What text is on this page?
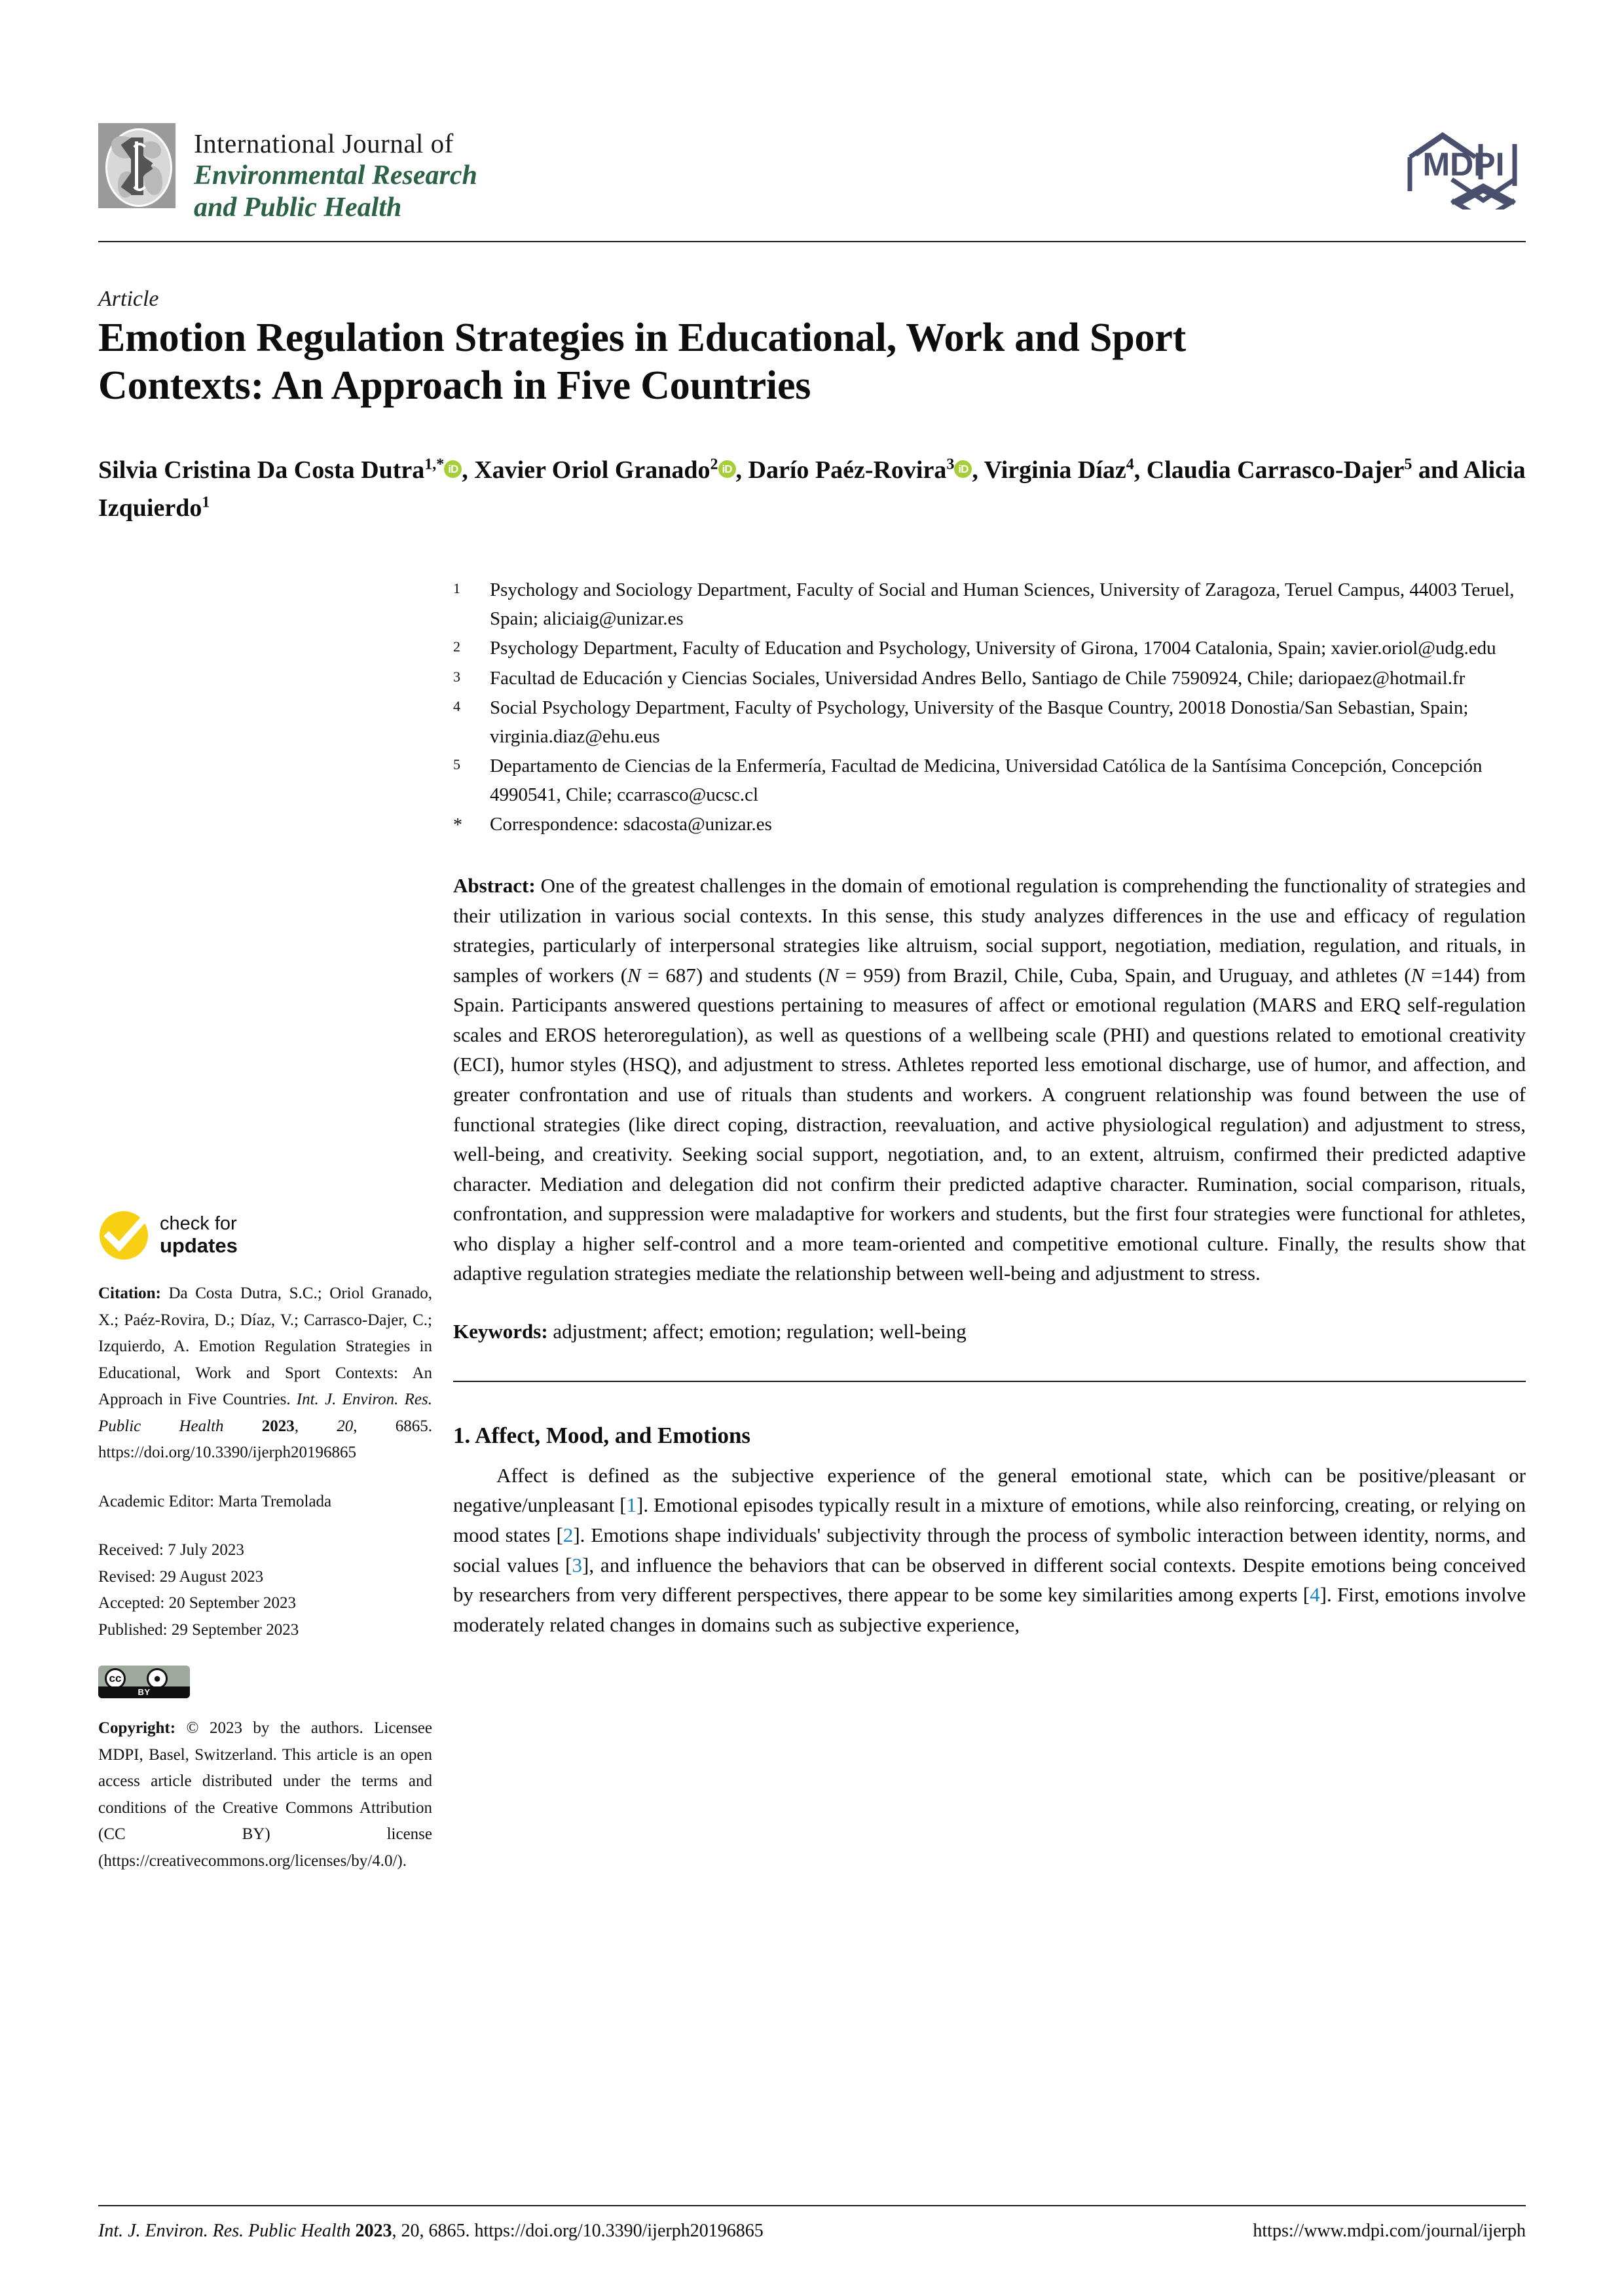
International Journal of
Environmental Research
and Public Health
MDPI
Article
Emotion Regulation Strategies in Educational, Work and Sport
Contexts: An Approach in Five Countries
Silvia Cristina Da Costa Dutra$^{1,*}$ iD , Xavier Oriol Granado$^2$ iD , Darío Paéz-Rovira$^3$ iD , Virginia Díaz$^4$, Claudia Carrasco-Dajer$^5$ and Alicia Izquierdo$^1$
1	Psychology and Sociology Department, Faculty of Social and Human Sciences, University of Zaragoza, Teruel Campus, 44003 Teruel, Spain; aliciaig@unizar.es
2	Psychology Department, Faculty of Education and Psychology, University of Girona, 17004 Catalonia, Spain; xavier.oriol@udg.edu
3	Facultad de Educación y Ciencias Sociales, Universidad Andres Bello, Santiago de Chile 7590924, Chile; dariopaez@hotmail.fr
4	Social Psychology Department, Faculty of Psychology, University of the Basque Country, 20018 Donostia/San Sebastian, Spain; virginia.diaz@ehu.eus
5	Departamento de Ciencias de la Enfermería, Facultad de Medicina, Universidad Católica de la Santísima Concepción, Concepción 4990541, Chile; ccarrasco@ucsc.cl
*	Correspondence: sdacosta@unizar.es
Abstract: One of the greatest challenges in the domain of emotional regulation is comprehending the functionality of strategies and their utilization in various social contexts. In this sense, this study analyzes differences in the use and efficacy of regulation strategies, particularly of interpersonal strategies like altruism, social support, negotiation, mediation, regulation, and rituals, in samples of workers (N = 687) and students (N = 959) from Brazil, Chile, Cuba, Spain, and Uruguay, and athletes (N =144) from Spain. Participants answered questions pertaining to measures of affect or emotional regulation (MARS and ERQ self-regulation scales and EROS heteroregulation), as well as questions of a wellbeing scale (PHI) and questions related to emotional creativity (ECI), humor styles (HSQ), and adjustment to stress. Athletes reported less emotional discharge, use of humor, and affection, and greater confrontation and use of rituals than students and workers. A congruent relationship was found between the use of functional strategies (like direct coping, distraction, reevaluation, and active physiological regulation) and adjustment to stress, well-being, and creativity. Seeking social support, negotiation, and, to an extent, altruism, confirmed their predicted adaptive character. Mediation and delegation did not confirm their predicted adaptive character. Rumination, social comparison, rituals, confrontation, and suppression were maladaptive for workers and students, but the first four strategies were functional for athletes, who display a higher self-control and a more team-oriented and competitive emotional culture. Finally, the results show that adaptive regulation strategies mediate the relationship between well-being and adjustment to stress.
Keywords: adjustment; affect; emotion; regulation; well-being
1. Affect, Mood, and Emotions
Affect is defined as the subjective experience of the general emotional state, which can be positive/pleasant or negative/unpleasant [1]. Emotional episodes typically result in a mixture of emotions, while also reinforcing, creating, or relying on mood states [2]. Emotions shape individuals' subjectivity through the process of symbolic interaction between identity, norms, and social values [3], and influence the behaviors that can be observed in different social contexts. Despite emotions being conceived by researchers from very different perspectives, there appear to be some key similarities among experts [4]. First, emotions involve moderately related changes in domains such as subjective experience,
check for
updates
Citation: Da Costa Dutra, S.C.; Oriol Granado, X.; Paéz-Rovira, D.; Díaz, V.; Carrasco-Dajer, C.; Izquierdo, A. Emotion Regulation Strategies in Educational, Work and Sport Contexts: An Approach in Five Countries. Int. J. Environ. Res. Public Health 2023, 20, 6865. https://doi.org/10.3390/ijerph20196865
Academic Editor: Marta Tremolada
Received: 7 July 2023
Revised: 29 August 2023
Accepted: 20 September 2023
Published: 29 September 2023
cc	●

BY
Copyright: © 2023 by the authors. Licensee MDPI, Basel, Switzerland. This article is an open access article distributed under the terms and conditions of the Creative Commons Attribution (CC BY) license (https://creativecommons.org/licenses/by/4.0/).
Int. J. Environ. Res. Public Health 2023, 20, 6865. https://doi.org/10.3390/ijerph20196865	https://www.mdpi.com/journal/ijerph
